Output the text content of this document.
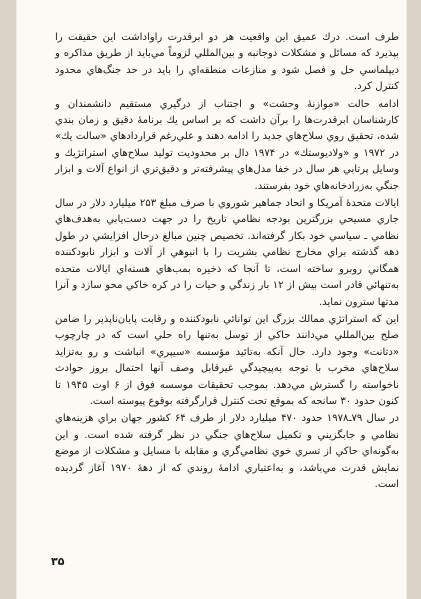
طرف است. درك عميق اين واقعيت هر دو ابرقدرت راواداشت اين حقيقت را بپذيرد كه مسائل و مشكلات دوجانبه و بين‌المللي لزوماً مي‌بايد از طريق مذاكره و ديپلماسي حل و فصل شود و منازعات منطقه‌اي را بايد در حد جنگ‌هاي محدود كنترل كرد.

ادامه حالت «موازنهٔ وحشت» و اجتناب از درگيري مستقيم دانشمندان و كارشناسان ابرقدرت‌ها را برآن داشت كه بر اساس يك برنامهٔ دقيق و زمان بندي شده، تحقيق روي سلاح‌هاي جديد را ادامه دهند و علي‌رغم قراردادهاي «سالت يك» در ۱۹۷۲ و «ولاديوستك» در ۱۹۷۴ دال بر محدوديت توليد سلاح‌هاي استراتژيك و وسايل پرتابي هر سال در خفا مدل‌هاي پيشرفته‌تر و دقيق‌تري از انواع آلات و ابزار جنگي به‌زرادخانه‌هاي خود بفرستند.

ايالات متحدهٔ آمريكا و اتحاد جماهير شوروي با صرف مبلغ ۲۵۳ ميليارد دلار در سال جاري مسيحي بزرگترين بودجه نظامي تاريخ را در جهت دست‌يابي به‌هدف‌هاي نظامي ـ سياسي خود بكار گرفته‌اند. تخصيص چنين مبالغ درحال افزايشي در طول دهه گذشته براي مخارج نظامي بشريت را با انبوهي از آلات و ابزار نابودكننده همگاني روبرو ساخته است، تا آنجا كه ذخيره بمب‌هاي هسته‌اي ايالات متحده به‌تنهائي قادر است بيش از ۱۲ بار زندگي و حيات را در كره خاكي محو سازد و آنرا مدتها سترون نمايد.

اين كه استراتژي ممالك بزرگ اين توانائي نابودكننده و رقابت پايان‌ناپذير را ضامن صلح بين‌المللي مي‌دانند حاكي از توسل به‌تنها راه حلي است كه در چارچوب «دتانت» وجود دارد. حال آنكه به‌تائيد مؤسسه «سيپري» انباشت و رو به‌تزايد سلاح‌هاي مخرب با توجه به‌پيچيدگي غيرقابل وصف آنها احتمال بروز حوادث ناخواسته را گسترش مي‌دهد. بموجب تحقيقات موسسه فوق از ۶ اوت ۱۹۴۵ تا كنون حدود ۳۰ سانحه كه بموقع تحت كنترل قرارگرفته بوقوع پيوسته است.

در سال ۷۹ـ۱۹۷۸ حدود ۴۷۰ ميليارد دلار از طرف ۶۴ كشور جهان براي هزينه‌هاي نظامي و جابگزيني و تكميل سلاح‌هاي جنگي در نظر گرفته شده است. و اين به‌گونه‌اي حاكي از تسري خوي نظامي‌گري و مقابله با مسايل و مشكلات از موضع نمايش قدرت مي‌باشد، و به‌اعتباري ادامهٔ روندي كه از دههٔ ۱۹۷۰ آغاز گرديده است.

۳۵
